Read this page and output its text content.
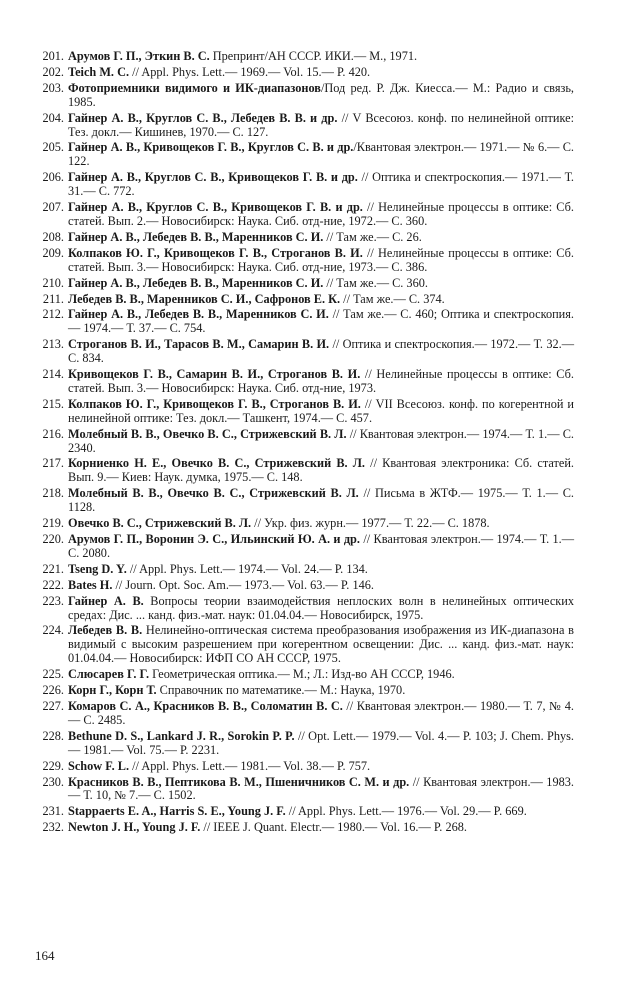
201. Арумов Г. П., Эткин В. С. Препринт/АН СССР. ИКИ.— М., 1971.
202. Teich M. C. // Appl. Phys. Lett.— 1969.— Vol. 15.— P. 420.
203. Фотоприемники видимого и ИК-диапазонов/Под ред. Р. Дж. Киесса.— М.: Радио и связь, 1985.
204. Гайнер А. В., Круглов С. В., Лебедев В. В. и др. // V Всесоюз. конф. по нелинейной оптике: Тез. докл.— Кишинев, 1970.— С. 127.
205. Гайнер А. В., Кривощеков Г. В., Круглов С. В. и др./Квантовая электрон.— 1971.— № 6.— С. 122.
206. Гайнер А. В., Круглов С. В., Кривощеков Г. В. и др. // Оптика и спектроскопия.— 1971.— Т. 31.— С. 772.
207. Гайнер А. В., Круглов С. В., Кривощеков Г. В. и др. // Нелинейные процессы в оптике: Сб. статей. Вып. 2.— Новосибирск: Наука. Сиб. отд-ние, 1972.— С. 360.
208. Гайнер А. В., Лебедев В. В., Маренников С. И. // Там же.— С. 26.
209. Колпаков Ю. Г., Кривощеков Г. В., Строганов В. И. // Нелинейные процессы в оптике: Сб. статей. Вып. 3.— Новосибирск: Наука. Сиб. отд-ние, 1973.— С. 386.
210. Гайнер А. В., Лебедев В. В., Маренников С. И. // Там же.— С. 360.
211. Лебедев В. В., Маренников С. И., Сафронов Е. К. // Там же.— С. 374.
212. Гайнер А. В., Лебедев В. В., Маренников С. И. // Там же.— С. 460; Оптика и спектроскопия.— 1974.— Т. 37.— С. 754.
213. Строганов В. И., Тарасов В. М., Самарин В. И. // Оптика и спектроскопия.— 1972.— Т. 32.— С. 834.
214. Кривощеков Г. В., Самарин В. И., Строганов В. И. // Нелинейные процессы в оптике: Сб. статей. Вып. 3.— Новосибирск: Наука. Сиб. отд-ние, 1973.
215. Колпаков Ю. Г., Кривощеков Г. В., Строганов В. И. // VII Всесоюз. конф. по когерентной и нелинейной оптике: Тез. докл.— Ташкент, 1974.— С. 457.
216. Молебный В. В., Овечко В. С., Стрижевский В. Л. // Квантовая электрон.— 1974.— Т. 1.— С. 2340.
217. Корниенко Н. Е., Овечко В. С., Стрижевский В. Л. // Квантовая электроника: Сб. статей. Вып. 9.— Киев: Наук. думка, 1975.— С. 148.
218. Молебный В. В., Овечко В. С., Стрижевский В. Л. // Письма в ЖТФ.— 1975.— Т. 1.— С. 1128.
219. Овечко В. С., Стрижевский В. Л. // Укр. физ. журн.— 1977.— Т. 22.— С. 1878.
220. Арумов Г. П., Воронин Э. С., Ильинский Ю. А. и др. // Квантовая электрон.— 1974.— Т. 1.— С. 2080.
221. Tseng D. Y. // Appl. Phys. Lett.— 1974.— Vol. 24.— P. 134.
222. Bates H. // Journ. Opt. Soc. Am.— 1973.— Vol. 63.— P. 146.
223. Гайнер А. В. Вопросы теории взаимодействия неплоских волн в нелинейных оптических средах: Дис. ... канд. физ.-мат. наук: 01.04.04.— Новосибирск, 1975.
224. Лебедев В. В. Нелинейно-оптическая система преобразования изображения из ИК-диапазона в видимый с высоким разрешением при когерентном освещении: Дис. ... канд. физ.-мат. наук: 01.04.04.— Новосибирск: ИФП СО АН СССР, 1975.
225. Слюсарев Г. Г. Геометрическая оптика.— М.; Л.: Изд-во АН СССР, 1946.
226. Корн Г., Корн Т. Справочник по математике.— М.: Наука, 1970.
227. Комаров С. А., Красников В. В., Соломатин В. С. // Квантовая электрон.— 1980.— Т. 7, № 4.— С. 2485.
228. Bethune D. S., Lankard J. R., Sorokin P. P. // Opt. Lett.— 1979.— Vol. 4.— P. 103; J. Chem. Phys.— 1981.— Vol. 75.— P. 2231.
229. Schow F. L. // Appl. Phys. Lett.— 1981.— Vol. 38.— P. 757.
230. Красников В. В., Пептикова В. М., Пшеничников С. М. и др. // Квантовая электрон.— 1983.— Т. 10, № 7.— С. 1502.
231. Stappaerts E. A., Harris S. E., Young J. F. // Appl. Phys. Lett.— 1976.— Vol. 29.— P. 669.
232. Newton J. H., Young J. F. // IEEE J. Quant. Electr.— 1980.— Vol. 16.— P. 268.
164
